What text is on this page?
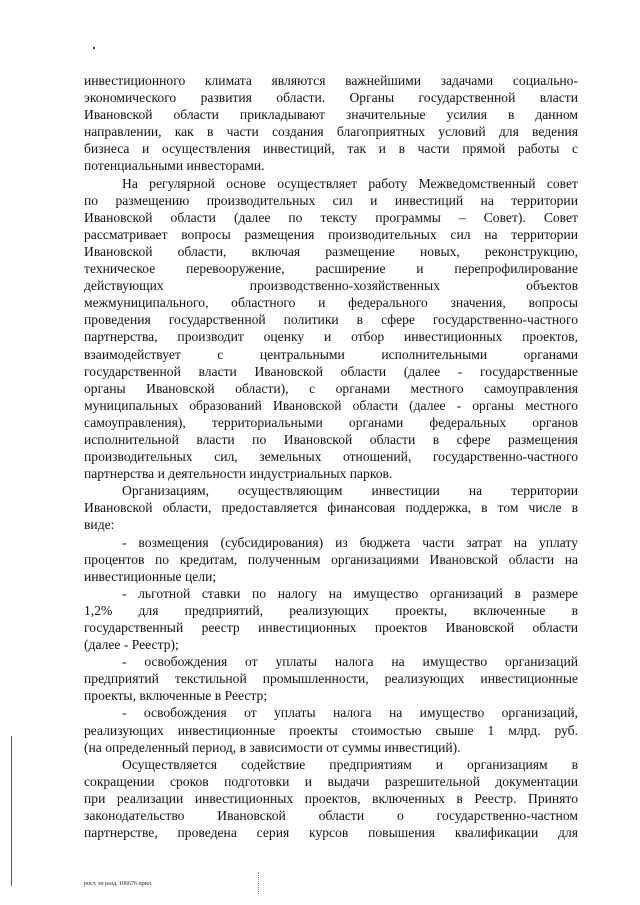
инвестиционного климата являются важнейшими задачами социально-
экономического развития области. Органы государственной власти
Ивановской области прикладывают значительные усилия в данном
направлении, как в части создания благоприятных условий для ведения
бизнеса и осуществления инвестиций, так и в части прямой работы с
потенциальными инвесторами.
На регулярной основе осуществляет работу Межведомственный совет
по размещению производительных сил и инвестиций на территории
Ивановской области (далее по тексту программы – Совет). Совет
рассматривает вопросы размещения производительных сил на территории
Ивановской области, включая размещение новых, реконструкцию,
техническое перевооружение, расширение и перепрофилирование
действующих производственно-хозяйственных объектов
межмуниципального, областного и федерального значения, вопросы
проведения государственной политики в сфере государственно-частного
партнерства, производит оценку и отбор инвестиционных проектов,
взаимодействует с центральными исполнительными органами
государственной власти Ивановской области (далее - государственные
органы Ивановской области), с органами местного самоуправления
муниципальных образований Ивановской области (далее - органы местного
самоуправления), территориальными органами федеральных органов
исполнительной власти по Ивановской области в сфере размещения
производительных сил, земельных отношений, государственно-частного
партнерства и деятельности индустриальных парков.
Организациям, осуществляющим инвестиции на территории
Ивановской области, предоставляется финансовая поддержка, в том числе в
виде:
- возмещения (субсидирования) из бюджета части затрат на уплату
процентов по кредитам, полученным организациями Ивановской области на
инвестиционные цели;
- льготной ставки по налогу на имущество организаций в размере
1,2% для предприятий, реализующих проекты, включенные в
государственный реестр инвестиционных проектов Ивановской области
(далее - Реестр);
- освобождения от уплаты налога на имущество организаций
предприятий текстильной промышленности, реализующих инвестиционные
проекты, включенные в Реестр;
- освобождения от уплаты налога на имущество организаций,
реализующих инвестиционные проекты стоимостью свыше 1 млрд. руб.
(на определенный период, в зависимости от суммы инвестиций).
Осуществляется содействие предприятиям и организациям в
сокращении сроков подготовки и выдачи разрешительной документации
при реализации инвестиционных проектов, включенных в Реестр. Принято
законодательство Ивановской области о государственно-частном
партнерстве, проведена серия курсов повышения квалификации для
рост. зн разд. 106676 прил.
